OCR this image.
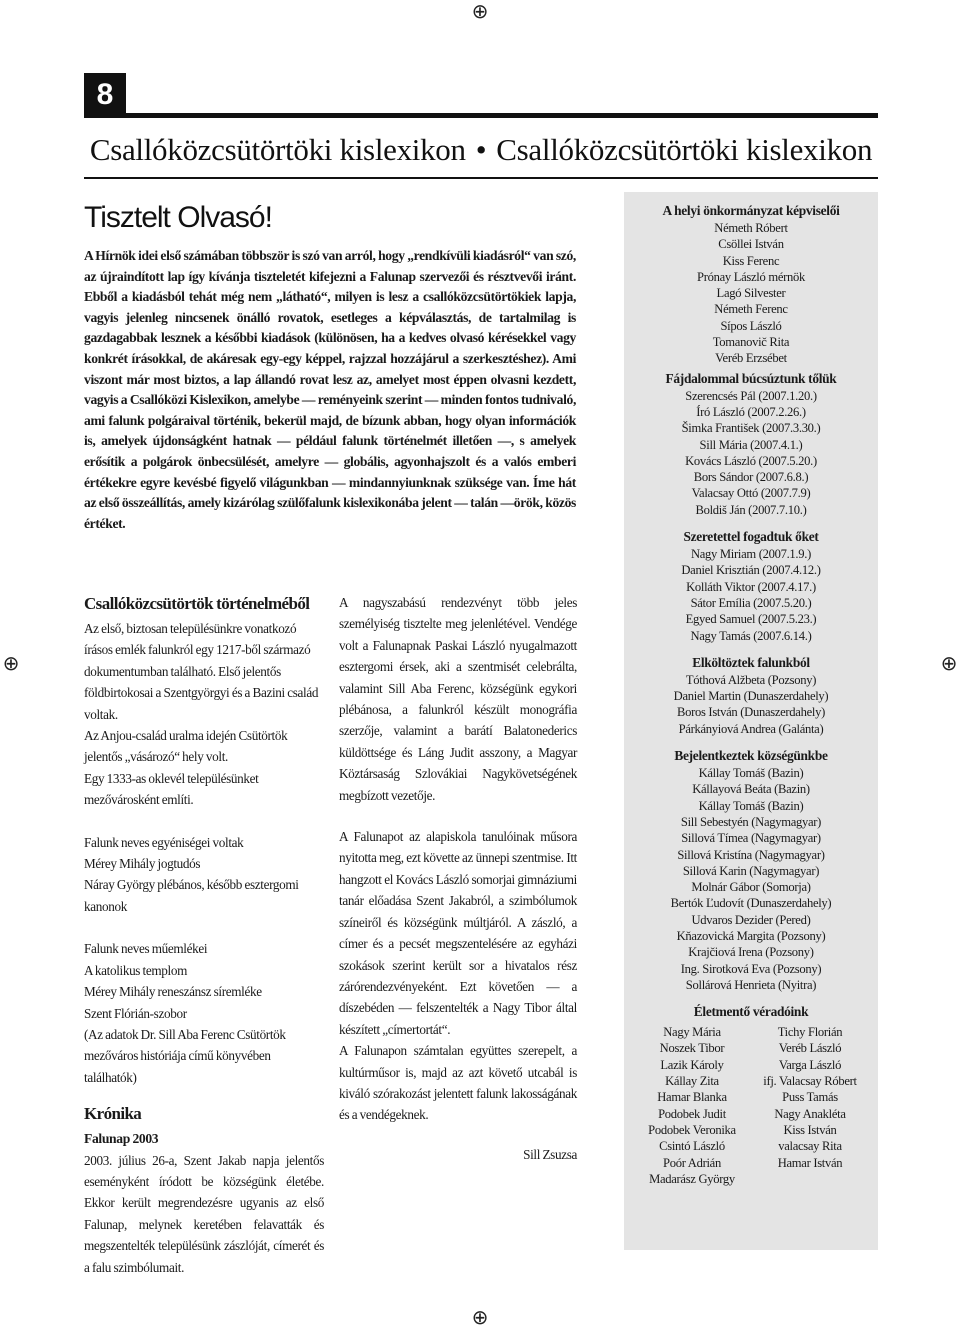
⊕
⊕	⊕
⊕
8
Csallóközcsütörtöki kislexikon • Csallóközcsütörtöki kislexikon
Tisztelt Olvasó!

A Hírnök idei első számában többször is szó van arról, hogy „rendkívüli kiadásról“ van szó, az újraindított lap így kívánja tiszteletét kifejezni a Falunap szervezői és résztvevői iránt. Ebből a kiadásból tehát még nem „látható“, milyen is lesz a csallóközcsütörtökiek lapja, vagyis jelenleg nincsenek önálló rovatok, esetleges a képválasztás, de tartalmilag is gazdagabbak lesznek a későbbi kiadások (különösen, ha a kedves olvasó kérésekkel vagy konkrét írásokkal, de akáresak egy-egy képpel, rajzzal hozzájárul a szerkesztéshez). Ami viszont már most biztos, a lap állandó rovat lesz az, amelyet most éppen olvasni kezdett, vagyis a Csallóközi Kislexikon, amelybe — reményeink szerint — minden fontos tudnivaló, ami falunk polgáraival történik, bekerül majd, de bízunk abban, hogy olyan információk is, amelyek újdonságként hatnak — például falunk történelmét illetően —, s amelyek erősítik a polgárok önbecsülését, amelyre — globális, agyonhajszolt és a valós emberi értékekre egyre kevésbé figyelő világunkban — mindannyiunknak szüksége van. Íme hát az első összeállítás, amely kizárólag szülőfalunk kislexikonába jelent — talán —örök, közös értéket.

Csallóközcsütörtök történelméből

Az első, biztosan településünkre vonatkozó írásos emlék falunkról egy 1217-ből származó dokumentumban található. Első jelentős földbirtokosai a Szentgyörgyi és a Bazini család voltak.

Az Anjou-család uralma idején Csütörtök jelentős „vásározó“ hely volt.

Egy 1333-as oklevél településünket mezővárosként említi.

Falunk neves egyéniségei voltak

Mérey Mihály jogtudós

Náray György plébános, később esztergomi kanonok

Falunk neves műemlékei

A katolikus templom

Mérey Mihály reneszánsz síremléke

Szent Flórián-szobor

(Az adatok Dr. Sill Aba Ferenc Csütörtök mezőváros históriája című könyvében találhatók)

Krónika

Falunap 2003

2003. július 26-a, Szent Jakab napja jelentős eseményként íródott be községünk életébe. Ekkor került megrendezésre ugyanis az első Falunap, melynek keretében felavatták és megszentelték településünk zászlóját, címerét és a falu szimbólumait.

A nagyszabású rendezvényt több jeles személyiség tisztelte meg jelenlétével. Vendége volt a Falunapnak Paskai László nyugalmazott esztergomi érsek, aki a szentmisét celebrálta, valamint Sill Aba Ferenc, községünk egykori plébánosa, a falunkról készült monográfia szerzője, valamint a barátí Balatonederics küldöttsége és Láng Judit asszony, a Magyar Köztársaság Szlovákiai Nagykövetségének megbízott vezetője.

A Falunapot az alapiskola tanulóinak műsora nyitotta meg, ezt követte az ünnepi szentmise. Itt hangzott el Kovács László somorjai gimnáziumi tanár előadása Szent Jakabról, a szimbólumok színeiről és községünk múltjáról. A zászló, a címer és a pecsét megszentelésére az egyházi szokások szerint került sor a hivatalos rész zárórendezvényeként. Ezt követően — a díszebéden — felszentelték a Nagy Tibor által készített „címertortát“.

A Falunapon számtalan együttes szerepelt, a kultúrműsor is, majd az azt követő utcabál is kiváló szórakozást jelentett falunk lakosságának és a vendégeknek.

Sill Zsuzsa

A helyi önkormányzat képviselői

Németh Róbert
Csöllei István
Kiss Ferenc
Prónay László mérnök
Lagó Silvester
Németh Ferenc
Sípos László
Tomanovič Rita
Veréb Erzsébet

Fájdalommal búcsúztunk tőlük

Szerencsés Pál (2007.1.20.)
Író László (2007.2.26.)
Šimka František (2007.3.30.)
Sill Mária (2007.4.1.)
Kovács László (2007.5.20.)
Bors Sándor (2007.6.8.)
Valacsay Ottó (2007.7.9)
Boldiš Ján (2007.7.10.)

Szeretettel fogadtuk őket

Nagy Miriam (2007.1.9.)
Daniel Krisztián (2007.4.12.)
Kolláth Viktor (2007.4.17.)
Sátor Emília (2007.5.20.)
Egyed Samuel (2007.5.23.)
Nagy Tamás (2007.6.14.)

Elköltöztek falunkból

Tóthová Alžbeta (Pozsony)
Daniel Martin (Dunaszerdahely)
Boros István (Dunaszerdahely)
Párkányiová Andrea (Galánta)

Bejelentkeztek községünkbe

Kállay Tomáš (Bazin)
Kállayová Beáta (Bazin)
Kállay Tomáš (Bazin)
Sill Sebestyén (Nagymagyar)
Sillová Tímea (Nagymagyar)
Sillová Kristína (Nagymagyar)
Sillová Karin (Nagymagyar)
Molnár Gábor (Somorja)
Bertók Ľudovít (Dunaszerdahely)
Udvaros Dezider (Pered)
Kňazovická Margita (Pozsony)
Krajčiová Irena (Pozsony)
Ing. Sirotková Eva (Pozsony)
Sollárová Henrieta (Nyitra)

Életmentő véradóink

Nagy Mária
Noszek Tibor
Lazik Károly
Kállay Zita
Hamar Blanka
Podobek Judit
Podobek Veronika
Csintó László
Poór Adrián
Madarász György
Tichy Florián
Veréb László
Varga László
ifj. Valacsay Róbert
Puss Tamás
Nagy Anakléta
Kiss István
valacsay Rita
Hamar István
